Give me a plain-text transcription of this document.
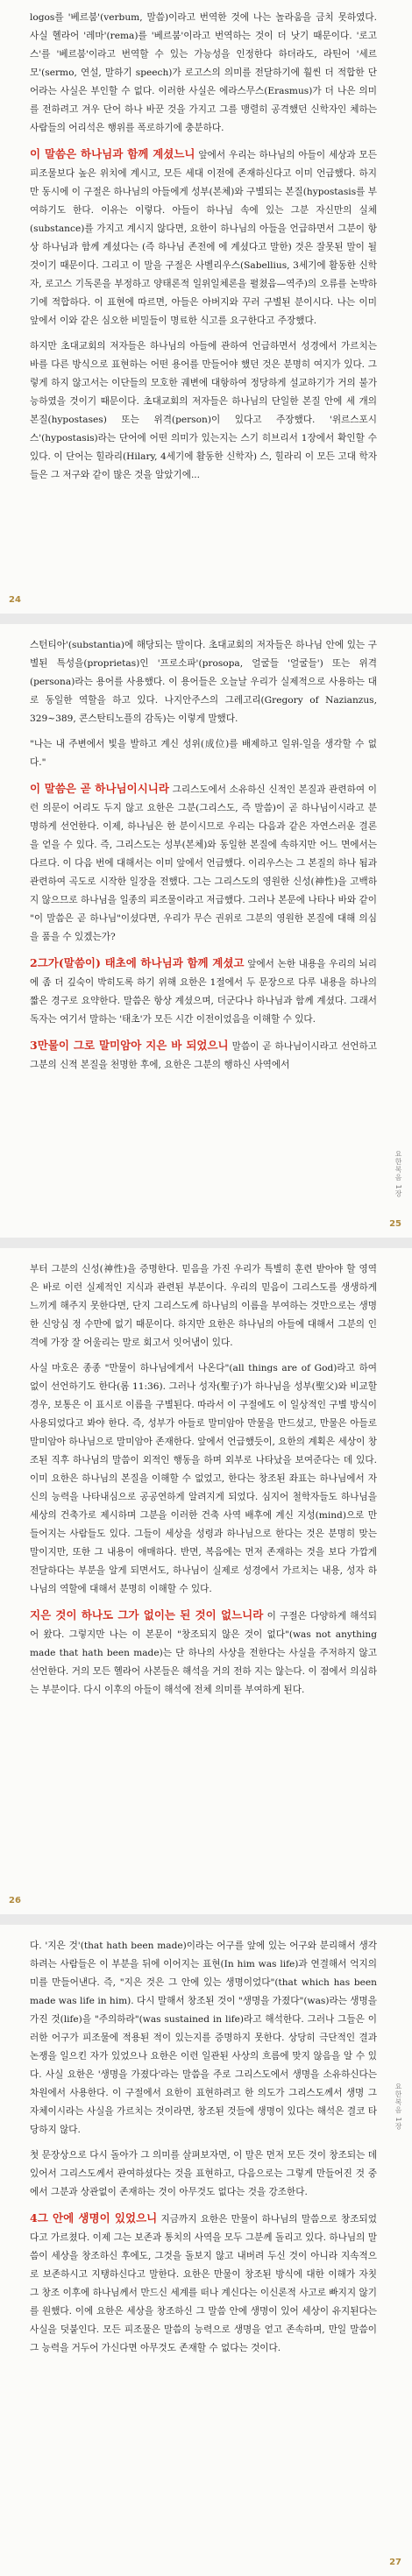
logos를 '베르붐'(verbum, 말씀)이라고 번역한 것에 나는 놀라움을 금치 못하였다. 사실 헬라어 '레마'(rema)를 '베르붐'이라고 번역하는 것이 더 낫기 때문이다. '로고스'를 '베르붐'이라고 번역할 수 있는 가능성을 인정한다 하더라도, 라틴어 '세르모'(sermo, 연설, 말하기 speech)가 로고스의 의미를 전달하기에 훨씬 더 적합한 단어라는 사실은 부인할 수 없다. 이러한 사실은 에라스무스(Erasmus)가 더 나은 의미를 전하려고 겨우 단어 하나 바꾼 것을 가지고 그를 맹렬히 공격했던 신학자인 체하는 사람들의 어리석은 행위를 폭로하기에 충분하다.

이 말씀은 하나님과 함께 계셨느니 앞에서 우리는 하나님의 아들이 세상과 모든 피조물보다 높은 위치에 계시고, 모든 세대 이전에 존재하신다고 이미 언급했다. 하지만 동시에 이 구절은 하나님의 아들에게 성부(본체)와 구별되는 본질(hypostasis를 부여하기도 한다. 이유는 이렇다. 아들이 하나님 속에 있는 그분 자신만의 실체(substance)를 가지고 계시지 않다면, 요한이 하나님의 아들을 언급하면서 그분이 항상 하나님과 함께 계셨다는 (즉 하나님 존전에 에 계셨다고 말한) 것은 잘못된 말이 될 것이기 때문이다. 그리고 이 말을 구절은 사벨리우스(Sabellius, 3세기에 활동한 신학자, 로고스 기독론을 부정하고 양태론적 일위일체론을 펼쳤음—역주)의 오류를 논박하기에 적합하다. 이 표현에 따르면, 아들은 아버지와 꾸러 구별된 분이시다. 나는 이미 앞에서 이와 같은 심오한 비밀들이 명료한 식고를 요구한다고 주장했다.

하지만 초대교회의 저자들은 하나님의 아들에 관하여 언급하면서 성경에서 가르치는 바를 다른 방식으로 표현하는 어떤 용어를 만들어야 했던 것은 분명히 여지가 있다. 그렇게 하지 않고서는 이단들의 모호한 궤변에 대항하여 정당하게 설교하기가 거의 불가능하였을 것이기 때문이다. 초대교회의 저자들은 하나님의 단일한 본질 안에 세 개의 본질(hypostases) 또는 위격(person)이 있다고 주장했다. '위르스포시스'(hypostasis)라는 단어에 어떤 의미가 있는지는 스기 히브리서 1장에서 확인할 수 있다. 이 단어는 힐라리(Hilary, 4세기에 활동한 신학자) 스, 힐라리 이 모든 고대 학자들은 그 저구와 같이 많은 것을 알았기에...

24

스턴티아'(substantia)에 해당되는 말이다. 초대교회의 저자들은 하나님 안에 있는 구별된 특성을(proprietas)인 '프로소파'(prosopa, 얼굴들 '얼굴들') 또는 위격(persona)라는 용어를 사용했다. 이 용어들은 오늘날 우리가 실제적으로 사용하는 대로 동일한 역할을 하고 있다. 나지안주스의 그레고리(Gregory of Nazianzus, 329~389, 콘스탄티노플의 감독)는 이렇게 말했다.

"나는 내 주변에서 빛을 발하고 계신 성위(成位)를 배제하고 일위-일을 생각할 수 없다."

이 말씀은 곧 하나님이시니라 그리스도에서 소유하신 신적인 본질과 관련하여 이런 의문이 어리도 두지 않고 요한은 그분(그리스도, 즉 말씀)이 곧 하나님이시라고 분명하게 선언한다. 이제, 하나님은 한 분이시므로 우리는 다음과 같은 자연스러운 결론을 얻을 수 있다. 즉, 그리스도는 성부(본체)와 동일한 본질에 속하지만 어느 면에서는 다르다. 이 다음 번에 대해서는 이미 앞에서 언급했다. 이리우스는 그 본질의 하나 됨과 관련하여 곡도로 시작한 일장을 전했다. 그는 그리스도의 영원한 신성(神性)을 고백하지 않으므로 하나님을 일종의 피조물이라고 저급했다. 그러나 본문에 나타나 바와 같이 "이 말씀은 곧 하나님"이셨다면, 우리가 무슨 권위로 그분의 영원한 본질에 대해 의심을 품을 수 있겠는가?

2그가(말씀이) 태초에 하나님과 함께 계셨고 앞에서 논한 내용을 우리의 뇌리에 좀 더 깊숙이 박히도록 하기 위해 요한은 1절에서 두 문장으로 다루 내용을 하나의 짧은 경구로 요약한다. 말씀은 항상 계셨으며, 더군다나 하나님과 함께 계셨다. 그래서 독자는 여기서 말하는 '태초'가 모든 시간 이전이었음을 이해할 수 있다.

3만물이 그로 말미암아 지은 바 되었으니 말씀이 곧 하나님이시라고 선언하고 그분의 신적 본질을 천명한 후에, 요한은 그분의 행하신 사역에서

요한복음 1장
25

부터 그분의 신성(神性)을 증명한다. 믿음을 가진 우리가 특별히 훈련 받아야 할 영역은 바로 이런 실제적인 지식과 관련된 부분이다. 우리의 믿음이 그리스도를 생생하게 느끼게 해주지 못한다면, 단지 그리스도께 하나님의 이름을 부여하는 것만으로는 생명한 신앙심 정 수만에 없기 때문이다. 하지만 요한은 하나님의 아들에 대해서 그분의 인격에 가장 잘 어울리는 말로 회고서 잇어냄이 있다.

사실 마호은 종종 "만물이 하나님에게서 나온다"(all things are of God)라고 하여 없이 선언하기도 한다(롬 11:36). 그러나 성자(聖子)가 하나님을 성부(聖父)와 비교할 경우, 보통은 이 표시로 이름을 구별된다. 따라서 이 구절에도 이 일상적인 구별 방식이 사용되었다고 봐야 한다. 즉, 성부가 아들로 말미암아 만물을 만드셨고, 만물은 아들로 말미암아 하나님으로 말미암아 존재한다. 앞에서 언급했듯이, 요한의 계획은 세상이 창조된 직후 하나님의 말씀이 외적인 행동을 하며 외부로 나타났을 보여준다는 데 있다. 이미 요한은 하나님의 본질을 이해할 수 없었고, 한다는 창조된 좌표는 하나님에서 자신의 능력을 나타내심으로 공공연하게 알려지게 되었다. 심지어 철학자들도 하나님을 세상의 건축가로 제시하며 그분을 이러한 건축 사역 배후에 계신 지성(mind)으로 만들어지는 사람들도 있다. 그들이 세상을 성령과 하나님으로 한다는 것은 분명히 맞는 말이지만, 또한 그 내용이 애매하다. 반면, 복음에는 먼저 존재하는 것을 보다 가깝게 전달하다는 부분을 알게 되면서도, 하나님이 실제로 성경에서 가르치는 내용, 성자 하나님의 역할에 대해서 분명히 이해할 수 있다.

지은 것이 하나도 그가 없이는 된 것이 없느니라 이 구절은 다양하게 해석되어 왔다. 그렇지만 나는 이 본문이 "창조되지 않은 것이 없다"(was not anything made that hath been made)는 단 하나의 사상을 전한다는 사실을 주저하지 않고 선언한다. 거의 모든 헬라어 사본들은 해석을 거의 전하 지는 않는다. 이 점에서 의심하는 부분이다. 다시 이후의 아들이 해석에 전체 의미를 부여하게 된다.

26

다. '지은 것'(that hath been made)이라는 어구를 앞에 있는 어구와 분리해서 생각하려는 사람들은 이 부분을 뒤에 이어지는 표현(In him was life)과 연결해서 억지의미를 만들어낸다. 즉, "지은 것은 그 안에 있는 생명이었다"(that which has been made was life in him). 다시 말해서 창조된 것이 "생명을 가졌다"(was)라는 생명을 가진 것(life)을 "주의하라"(was sustained in life)라고 해석한다. 그러나 그들은 이러한 어구가 피조물에 적용된 적이 있는지를 증명하지 못한다. 상당히 극단적인 결과 논쟁을 일으킨 자가 있었으나 요한은 이런 일관된 사상의 흐름에 맞지 않음을 알 수 있다. 사실 요한은 '생명을 가졌다'라는 말씀을 주로 그리스도에서 생명을 소유하신다는 차원에서 사용한다. 이 구절에서 요한이 표현하려고 한 의도가 그리스도께서 생명 그 자체이시라는 사실을 가르치는 것이라면, 창조된 것들에 생명이 있다는 해석은 결코 타당하지 않다.

첫 문장상으로 다시 돌아가 그 의미를 살펴보자면, 이 말은 먼저 모든 것이 창조되는 데 있어서 그리스도께서 관여하셨다는 것을 표현하고, 다음으로는 그렇게 만들어진 것 중에서 그분과 상관없이 존재하는 것이 아무것도 없다는 것을 강조한다.

4그 안에 생명이 있었으니 지금까지 요한은 만물이 하나님의 말씀으로 창조되었다고 가르쳤다. 이제 그는 보존과 통치의 사역을 모두 그분께 돌리고 있다. 하나님의 말씀이 세상을 창조하신 후에도, 그것을 돌보지 않고 내버려 두신 것이 아니라 지속적으로 보존하시고 지탱하신다고 말한다. 요한은 만물이 창조된 방식에 대한 이해가 자칫 그 창조 이후에 하나님께서 만드신 세계를 떠나 계신다는 이신론적 사고로 빠지지 않기를 원했다. 이에 요한은 세상을 창조하신 그 말씀 안에 생명이 있어 세상이 유지된다는 사실을 덧붙인다. 모든 피조물은 말씀의 능력으로 생명을 얻고 존속하며, 만일 말씀이 그 능력을 거두어 가신다면 아무것도 존재할 수 없다는 것이다.

요한복음 1장
27
